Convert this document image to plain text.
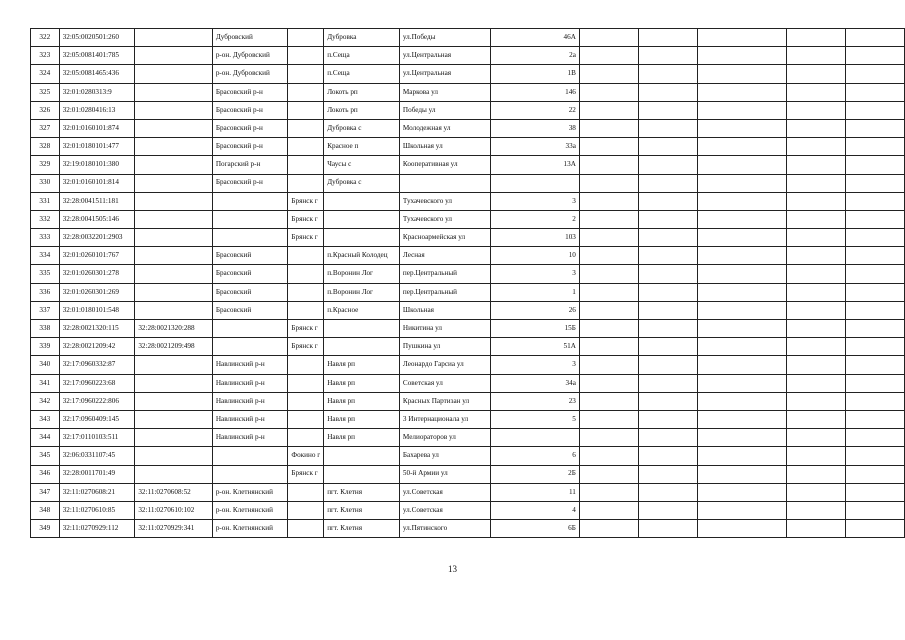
322	32:05:0020501:260		Дубровский		Дубровка	ул.Победы	46А					
323	32:05:0081401:785		р-он. Дубровский		п.Сеща	ул.Центральная	2а					
324	32:05:0081465:436		р-он. Дубровский		п.Сеща	ул.Центральная	1В					
325	32:01:0280313:9		Брасовский р-н		Локоть рп	Маркова ул	146					
326	32:01:0280416:13		Брасовский р-н		Локоть рп	Победы ул	22					
327	32:01:0160101:874		Брасовский р-н		Дубровка с	Молодежная ул	38					
328	32:01:0180101:477		Брасовский р-н		Красное п	Школьная ул	33а					
329	32:19:0180101:380		Погарский р-н		Чаусы с	Кооперативная ул	13А					
330	32:01:0160101:814		Брасовский р-н		Дубровка с							
331	32:28:0041511:181			Брянск г		Тухачевского ул	3					
332	32:28:0041505:146			Брянск г		Тухачевского ул	2					
333	32:28:0032201:2903			Брянск г		Красноармейская ул	103					
334	32:01:0260101:767		Брасовский		п.Красный Колодец	Лесная	10					
335	32:01:0260301:278		Брасовский		п.Воронин Лог	пер.Центральный	3					
336	32:01:0260301:269		Брасовский		п.Воронин Лог	пер.Центральный	1					
337	32:01:0180101:548		Брасовский		п.Красное	Школьная	26					
338	32:28:0021320:115	32:28:0021320:288		Брянск г		Никитина ул	15Б					
339	32:28:0021209:42	32:28:0021209:498		Брянск г		Пушкина ул	51А					
340	32:17:0960332:87		Навлинский р-н		Навля рп	Леонардо Гарсиа ул	3					
341	32:17:0960223:68		Навлинский р-н		Навля рп	Советская ул	34а					
342	32:17:0960222:806		Навлинский р-н		Навля рп	Красных Партизан ул	23					
343	32:17:0960409:145		Навлинский р-н		Навля рп	3 Интернационала ул	5					
344	32:17:0110103:511		Навлинский р-н		Навля рп	Мелиораторов ул						
345	32:06:0331107:45			Фокино г		Бахарева ул	6					
346	32:28:0011701:49			Брянск г		50-й Армии ул	2Б					
347	32:11:0270608:21	32:11:0270608:52	р-он. Клетнянский		пгт. Клетня	ул.Советская	11					
348	32:11:0270610:85	32:11:0270610:102	р-он. Клетнянский		пгт. Клетня	ул.Советская	4					
349	32:11:0270929:112	32:11:0270929:341	р-он. Клетнянский		пгт. Клетня	ул.Пятинского	6Б					
13
